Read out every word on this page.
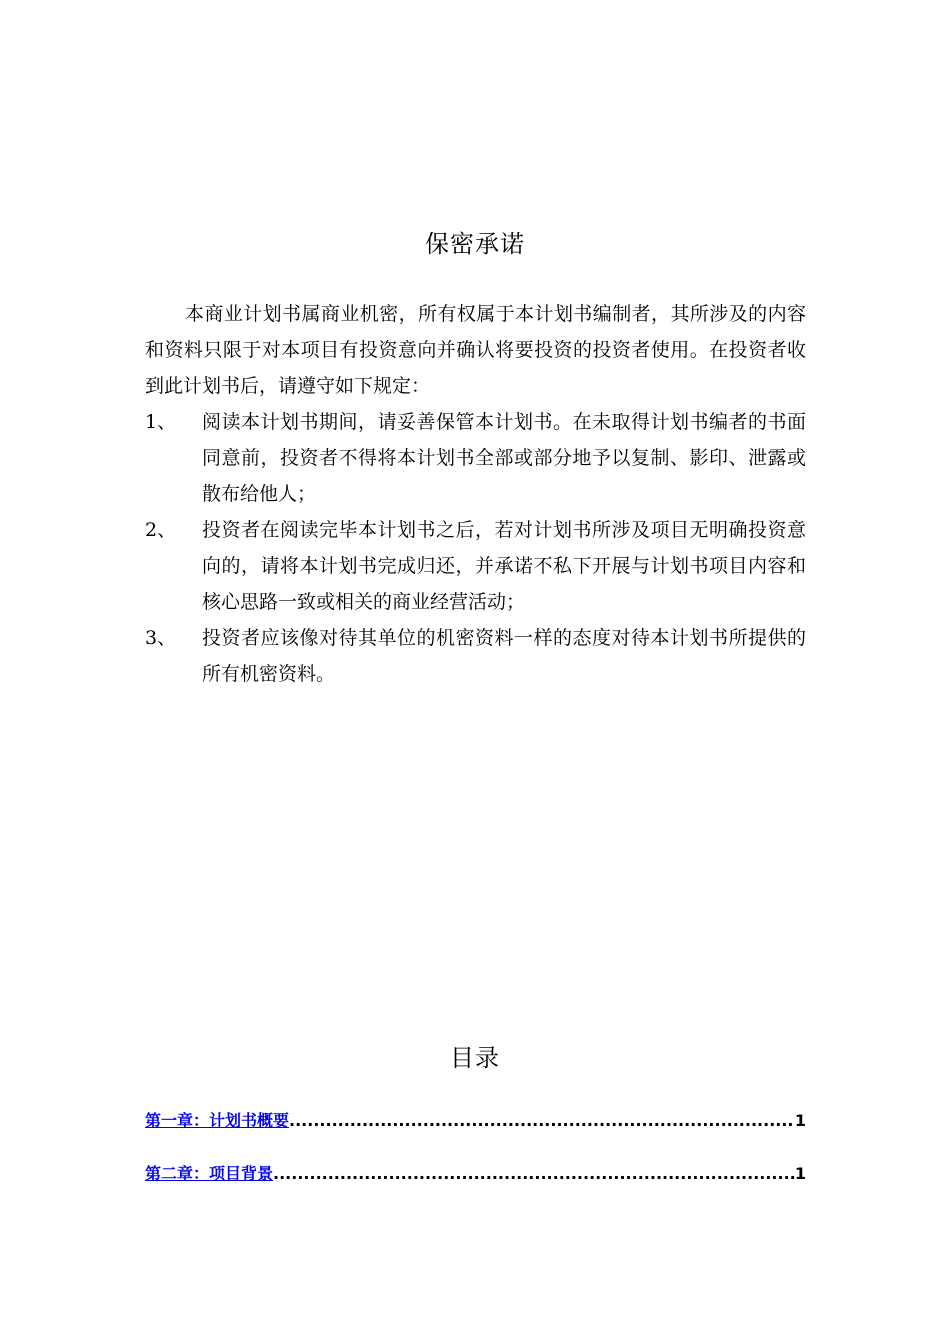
保密承诺

本商业计划书属商业机密，所有权属于本计划书编制者，其所涉及的内容和资料只限于对本项目有投资意向并确认将要投资的投资者使用。在投资者收到此计划书后，请遵守如下规定：

1、	阅读本计划书期间，请妥善保管本计划书。在未取得计划书编者的书面同意前，投资者不得将本计划书全部或部分地予以复制、影印、泄露或散布给他人；
2、	投资者在阅读完毕本计划书之后，若对计划书所涉及项目无明确投资意向的，请将本计划书完成归还，并承诺不私下开展与计划书项目内容和核心思路一致或相关的商业经营活动；
3、	投资者应该像对待其单位的机密资料一样的态度对待本计划书所提供的所有机密资料。
目录
第一章：计划书概要 .....	1
第二章：项目背景 .....	1
